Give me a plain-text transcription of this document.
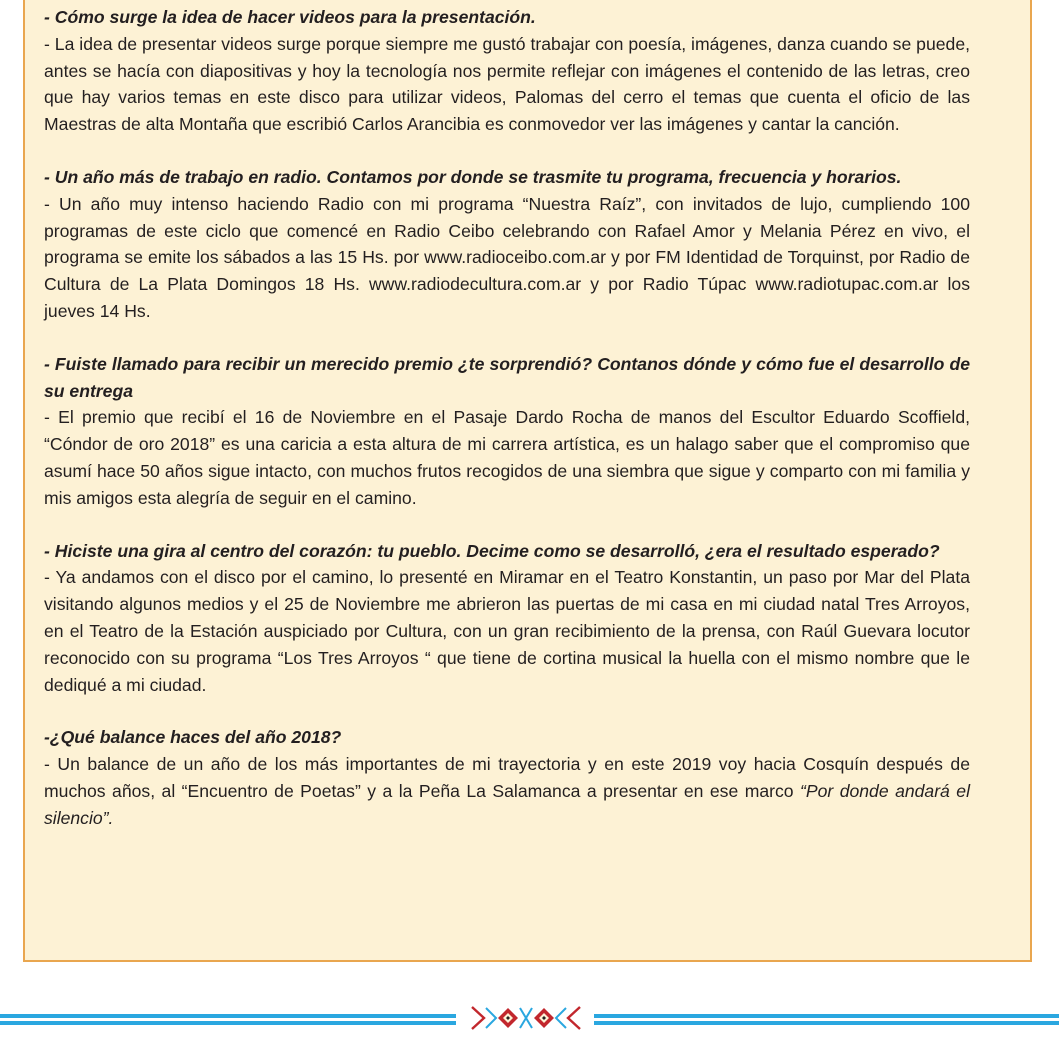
- Cómo surge la idea de hacer videos para la presentación.

- La idea de presentar videos surge porque siempre me gustó trabajar con poesía, imágenes, danza cuando se puede, antes se hacía con diapositivas y hoy la tecnología nos permite reflejar con imágenes el contenido de las letras, creo que hay varios temas en este disco para utilizar videos, Palomas del cerro el temas que cuenta el oficio de las Maestras de alta Montaña que escribió Carlos Arancibia es conmovedor ver las imágenes y cantar la canción.

- Un año más de trabajo en radio. Contamos por donde se trasmite tu programa, frecuencia y horarios.

- Un año muy intenso haciendo Radio con mi programa “Nuestra Raíz”, con invitados de lujo, cumpliendo 100 programas de este ciclo que comencé en Radio Ceibo celebrando con Rafael Amor y Melania Pérez en vivo, el programa se emite los sábados a las 15 Hs. por www.radioceibo.com.ar y por FM Identidad de Torquinst, por Radio de Cultura de La Plata Domingos 18 Hs. www.radiodecultura.com.ar y por Radio Túpac www.radiotupac.com.ar los jueves 14 Hs.

- Fuiste llamado para recibir un merecido premio ¿te sorprendió? Contanos dónde y cómo fue el desarrollo de su entrega

- El premio que recibí el 16 de Noviembre en el Pasaje Dardo Rocha de manos del Escultor Eduardo Scoffield, “Cóndor de oro 2018” es una caricia a esta altura de mi carrera artística, es un halago saber que el compromiso que asumí hace 50 años sigue intacto, con muchos frutos recogidos de una siembra que sigue y comparto con mi familia y mis amigos esta alegría de seguir en el camino.

- Hiciste una gira al centro del corazón: tu pueblo. Decime como se desarrolló, ¿era el resultado esperado?

- Ya andamos con el disco por el camino, lo presenté en Miramar en el Teatro Konstantin, un paso por Mar del Plata visitando algunos medios y el 25 de Noviembre me abrieron las puertas de mi casa en mi ciudad natal Tres Arroyos, en el Teatro de la Estación auspiciado por Cultura, con un gran recibimiento de la prensa, con Raúl Guevara locutor reconocido con su programa “Los Tres Arroyos “ que tiene de cortina musical la huella con el mismo nombre que le dediqué a mi ciudad.

-¿Qué balance haces del año 2018?

- Un balance de un año de los más importantes de mi trayectoria y en este 2019 voy hacia Cosquín después de muchos años, al “Encuentro de Poetas” y a la Peña La Salamanca a presentar en ese marco “Por donde andará el silencio”.
